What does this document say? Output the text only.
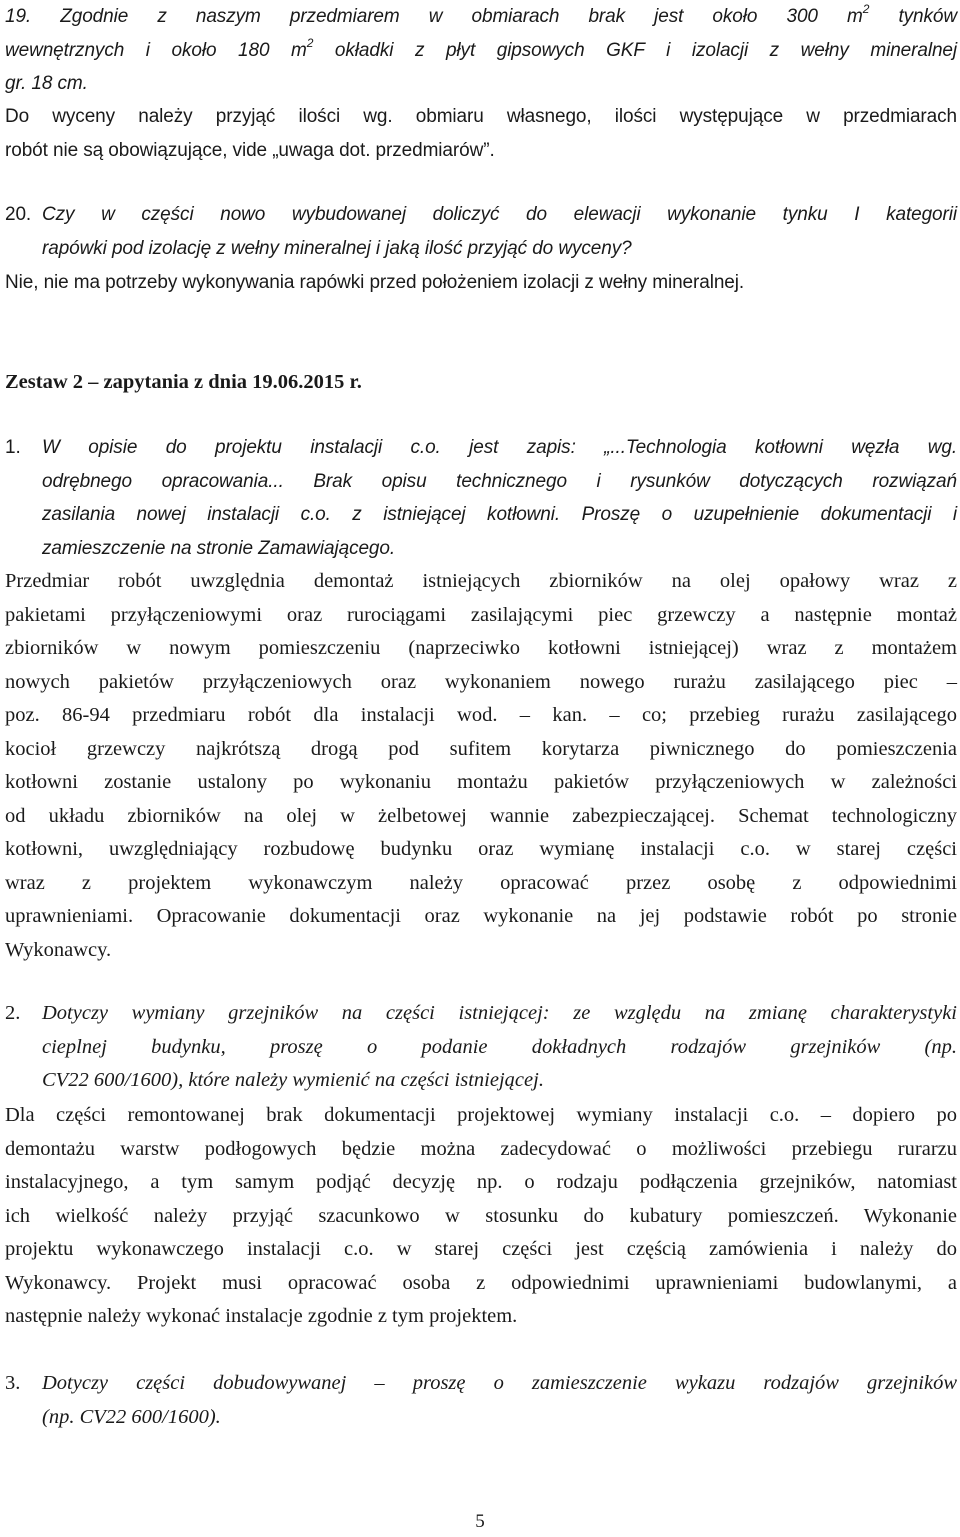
19. Zgodnie z naszym przedmiarem w obmiarach brak jest około 300 $m^2$ tynków
wewnętrznych i około 180 $m^2$ okładki z płyt gipsowych GKF i izolacji z wełny mineralnej
gr. 18 cm.
Do wyceny należy przyjąć ilości wg. obmiaru własnego, ilości występujące w przedmiarach
robót nie są obowiązujące, vide „uwaga dot. przedmiarów”.
20. Czy w części nowo wybudowanej doliczyć do elewacji wykonanie tynku I kategorii
rapówki pod izolację z wełny mineralnej i jaką ilość przyjąć do wyceny?
Nie, nie ma potrzeby wykonywania rapówki przed położeniem izolacji z wełny mineralnej.
Zestaw 2 – zapytania z dnia 19.06.2015 r.
1. W opisie do projektu instalacji c.o. jest zapis: „...Technologia kotłowni węzła wg.
odrębnego opracowania... Brak opisu technicznego i rysunków dotyczących rozwiązań
zasilania nowej instalacji c.o. z istniejącej kotłowni. Proszę o uzupełnienie dokumentacji i
zamieszczenie na stronie Zamawiającego.
Przedmiar robót uwzględnia demontaż istniejących zbiorników na olej opałowy wraz z
pakietami przyłączeniowymi oraz rurociągami zasilającymi piec grzewczy a następnie montaż
zbiorników w nowym pomieszczeniu (naprzeciwko kotłowni istniejącej) wraz z montażem
nowych pakietów przyłączeniowych oraz wykonaniem nowego rurażu zasilającego piec –
poz. 86-94 przedmiaru robót dla instalacji wod. – kan. – co; przebieg rurażu zasilającego
kocioł grzewczy najkrótszą drogą pod sufitem korytarza piwnicznego do pomieszczenia
kotłowni zostanie ustalony po wykonaniu montażu pakietów przyłączeniowych w zależności
od układu zbiorników na olej w żelbetowej wannie zabezpieczającej. Schemat technologiczny
kotłowni, uwzględniający rozbudowę budynku oraz wymianę instalacji c.o. w starej części
wraz z projektem wykonawczym należy opracować przez osobę z odpowiednimi
uprawnieniami. Opracowanie dokumentacji oraz wykonanie na jej podstawie robót po stronie
Wykonawcy.
2. Dotyczy wymiany grzejników na części istniejącej: ze względu na zmianę charakterystyki
cieplnej budynku, proszę o podanie dokładnych rodzajów grzejników (np.
CV22 600/1600), które należy wymienić na części istniejącej.
Dla części remontowanej brak dokumentacji projektowej wymiany instalacji c.o. – dopiero po
demontażu warstw podłogowych będzie można zadecydować o możliwości przebiegu rurarzu
instalacyjnego, a tym samym podjąć decyzję np. o rodzaju podłączenia grzejników, natomiast
ich wielkość należy przyjąć szacunkowo w stosunku do kubatury pomieszczeń. Wykonanie
projektu wykonawczego instalacji c.o. w starej części jest częścią zamówienia i należy do
Wykonawcy. Projekt musi opracować osoba z odpowiednimi uprawnieniami budowlanymi, a
następnie należy wykonać instalacje zgodnie z tym projektem.
3. Dotyczy części dobudowywanej – proszę o zamieszczenie wykazu rodzajów grzejników
(np. CV22 600/1600).
5
